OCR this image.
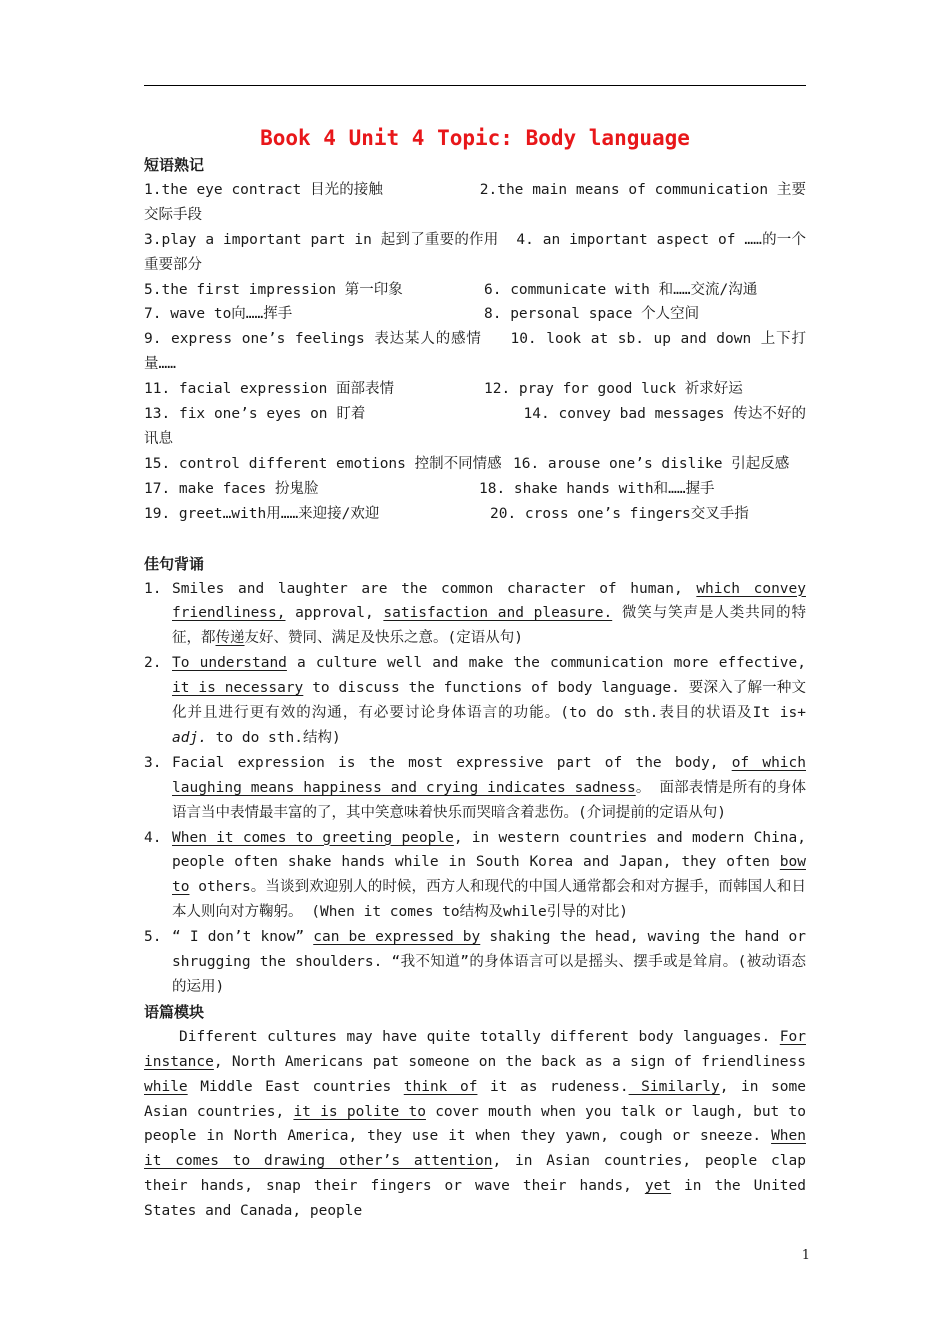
Book 4 Unit 4 Topic: Body language
短语熟记
1.the eye contract 目光的接触	2.the main means of communication 主要交际手段
3.play a important part in 起到了重要的作用 4. an important aspect of ……的一个重要部分
5.the first impression 第一印象	6. communicate with 和……交流/沟通
7. wave to向……挥手	8. personal space 个人空间
9. express one’s feelings 表达某人的感情 10. look at sb. up and down 上下打量……
11. facial expression 面部表情	12. pray for good luck 祈求好运
13. fix one’s eyes on 盯着	14. convey bad messages 传达不好的讯息
15. control different emotions 控制不同情感 16. arouse one’s dislike 引起反感
17. make faces 扮鬼脸	18. shake hands with和……握手
19. greet…with用……来迎接/欢迎	20. cross one’s fingers交叉手指
佳句背诵
1. Smiles and laughter are the common character of human, which convey friendliness, approval, satisfaction and pleasure. 微笑与笑声是人类共同的特征，都传递友好、赞同、满足及快乐之意。(定语从句)
2. To understand a culture well and make the communication more effective, it is necessary to discuss the functions of body language. 要深入了解一种文化并且进行更有效的沟通，有必要讨论身体语言的功能。(to do sth.表目的状语及It is+ adj. to do sth.结构)
3. Facial expression is the most expressive part of the body, of which laughing means happiness and crying indicates sadness。 面部表情是所有的身体语言当中表情最丰富的了，其中笑意味着快乐而哭暗含着悲伤。(介词提前的定语从句)
4. When it comes to greeting people, in western countries and modern China, people often shake hands while in South Korea and Japan, they often bow to others。当谈到欢迎别人的时候，西方人和现代的中国人通常都会和对方握手，而韩国人和日本人则向对方鞠躬。 (When it comes to结构及while引导的对比)
5. “ I don’t know” can be expressed by shaking the head, waving the hand or shrugging the shoulders. “我不知道”的身体语言可以是摇头、摆手或是耸肩。(被动语态的运用)
语篇模块
Different cultures may have quite totally different body languages. For instance, North Americans pat someone on the back as a sign of friendliness while Middle East countries think of it as rudeness. Similarly, in some Asian countries, it is polite to cover mouth when you talk or laugh, but to people in North America, they use it when they yawn, cough or sneeze. When it comes to drawing other’s attention, in Asian countries, people clap their hands, snap their fingers or wave their hands, yet in the United States and Canada, people
1
